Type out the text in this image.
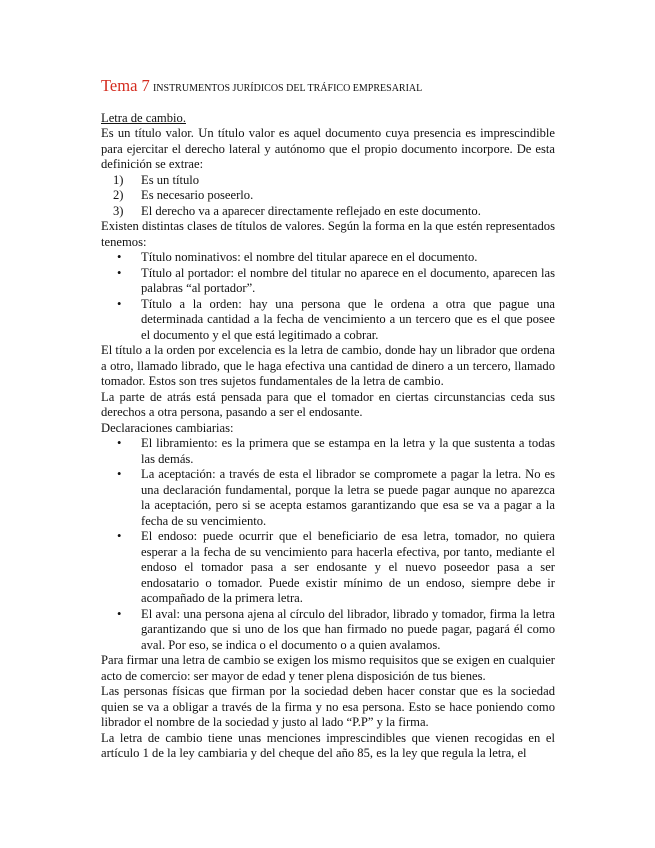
Tema 7 INSTRUMENTOS JURÍDICOS DEL TRÁFICO EMPRESARIAL
Letra de cambio.

Es un título valor. Un título valor es aquel documento cuya presencia es imprescindible para ejercitar el derecho lateral y autónomo que el propio documento incorpore. De esta definición se extrae:

1) Es un título
2) Es necesario poseerlo.
3) El derecho va a aparecer directamente reflejado en este documento.

Existen distintas clases de títulos de valores. Según la forma en la que estén representados tenemos:

• Título nominativos: el nombre del titular aparece en el documento.
• Título al portador: el nombre del titular no aparece en el documento, aparecen las palabras “al portador”.
• Título a la orden: hay una persona que le ordena a otra que pague una determinada cantidad a la fecha de vencimiento a un tercero que es el que posee el documento y el que está legitimado a cobrar.

El título a la orden por excelencia es la letra de cambio, donde hay un librador que ordena a otro, llamado librado, que le haga efectiva una cantidad de dinero a un tercero, llamado tomador. Estos son tres sujetos fundamentales de la letra de cambio.

La parte de atrás está pensada para que el tomador en ciertas circunstancias ceda sus derechos a otra persona, pasando a ser el endosante.

Declaraciones cambiarias:

• El libramiento: es la primera que se estampa en la letra y la que sustenta a todas las demás.
• La aceptación: a través de esta el librador se compromete a pagar la letra. No es una declaración fundamental, porque la letra se puede pagar aunque no aparezca la aceptación, pero si se acepta estamos garantizando que esa se va a pagar a la fecha de su vencimiento.
• El endoso: puede ocurrir que el beneficiario de esa letra, tomador, no quiera esperar a la fecha de su vencimiento para hacerla efectiva, por tanto, mediante el endoso el tomador pasa a ser endosante y el nuevo poseedor pasa a ser endosatario o tomador. Puede existir mínimo de un endoso, siempre debe ir acompañado de la primera letra.
• El aval: una persona ajena al círculo del librador, librado y tomador, firma la letra garantizando que si uno de los que han firmado no puede pagar, pagará él como aval. Por eso, se indica o el documento o a quien avalamos.

Para firmar una letra de cambio se exigen los mismo requisitos que se exigen en cualquier acto de comercio: ser mayor de edad y tener plena disposición de tus bienes.

Las personas físicas que firman por la sociedad deben hacer constar que es la sociedad quien se va a obligar a través de la firma y no esa persona. Esto se hace poniendo como librador el nombre de la sociedad y justo al lado “P.P” y la firma.

La letra de cambio tiene unas menciones imprescindibles que vienen recogidas en el artículo 1 de la ley cambiaria y del cheque del año 85, es la ley que regula la letra, el
